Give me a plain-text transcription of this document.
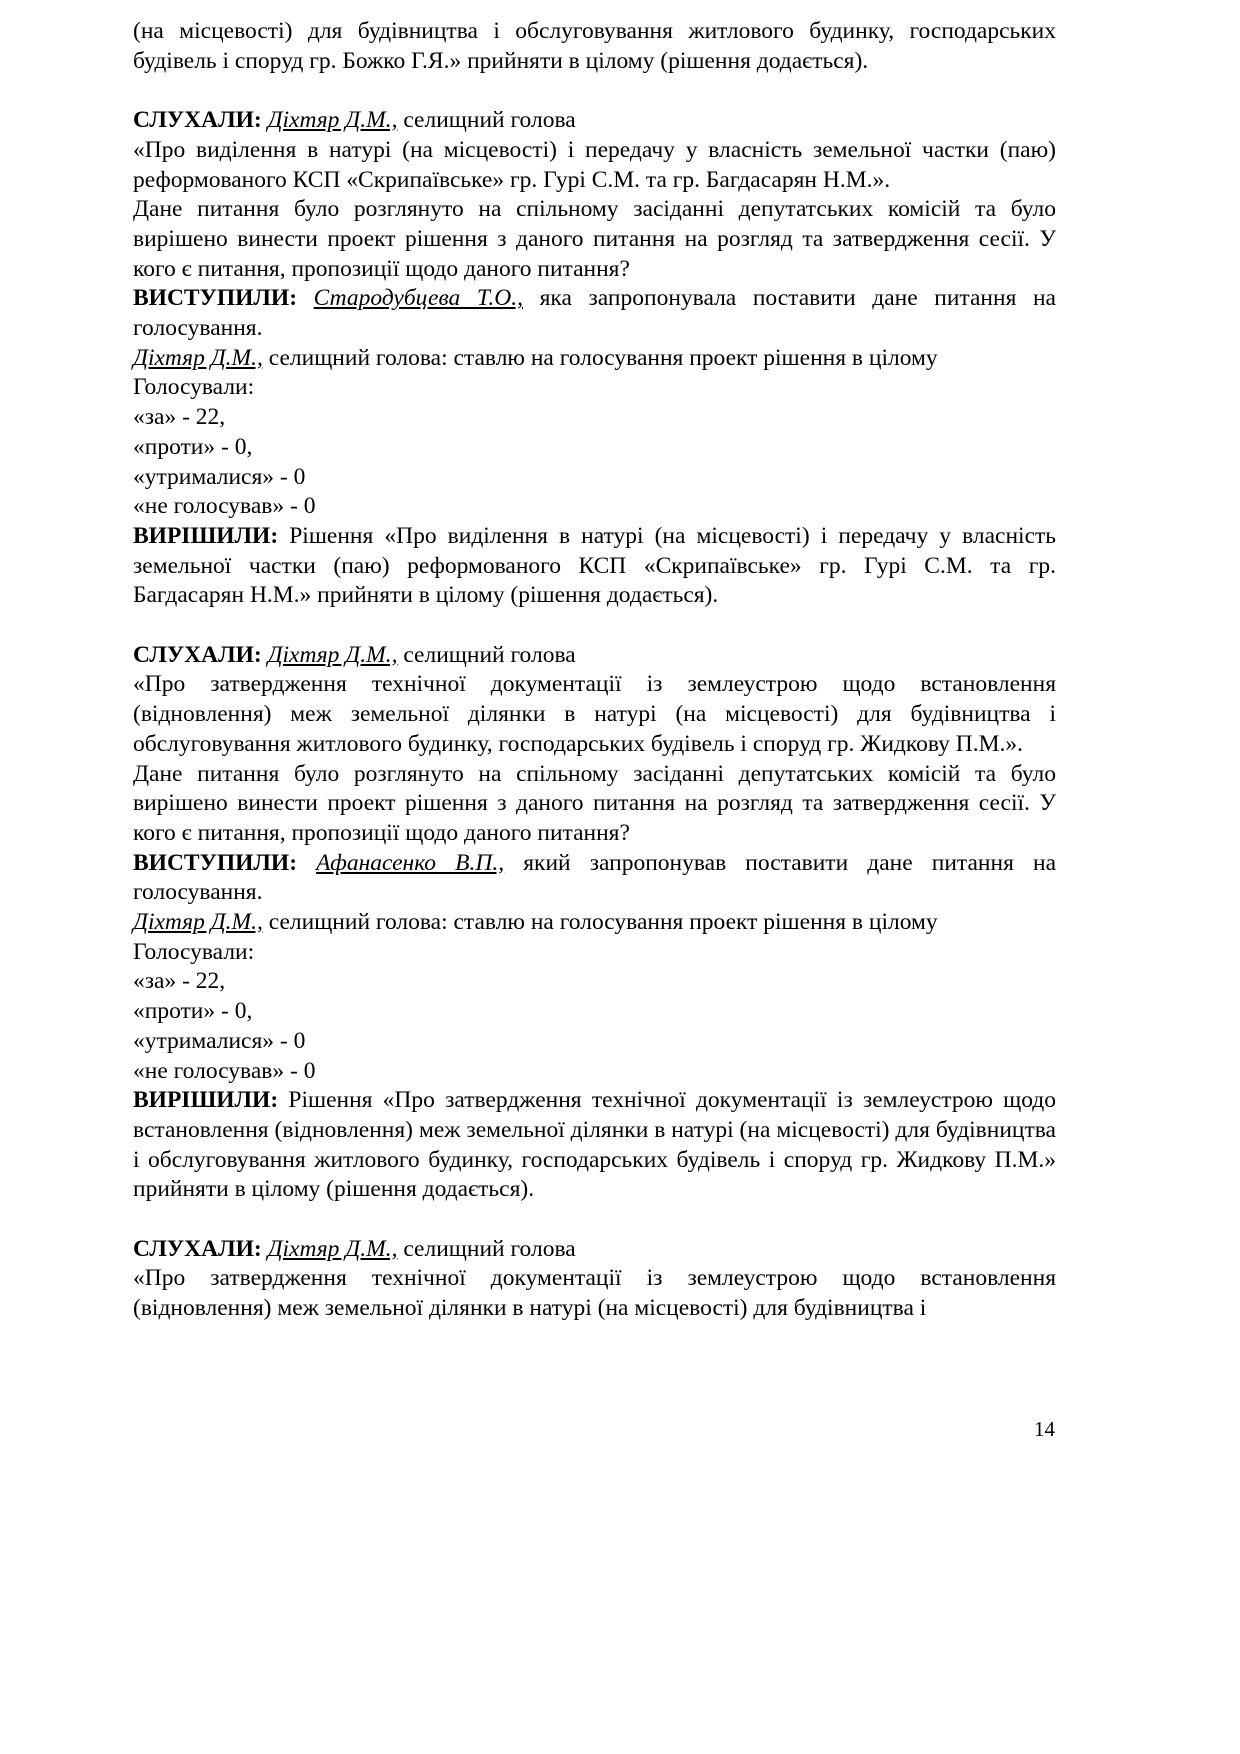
(на місцевості) для будівництва і обслуговування житлового будинку, господарських будівель і споруд гр. Божко Г.Я.» прийняти в цілому (рішення додається).

СЛУХАЛИ: Діхтяр Д.М., селищний голова

«Про виділення в натурі (на місцевості) і передачу у власність земельної частки (паю) реформованого КСП «Скрипаївське» гр. Гурі С.М. та гр. Багдасарян Н.М.».

Дане питання було розглянуто на спільному засіданні депутатських комісій та було вирішено винести проект рішення з даного питання на розгляд та затвердження сесії. У кого є питання, пропозиції щодо даного питання?

ВИСТУПИЛИ: Стародубцева Т.О., яка запропонувала поставити дане питання на голосування.

Діхтяр Д.М., селищний голова: ставлю на голосування проект рішення в цілому

Голосували:

«за» - 22,

«проти» - 0,

«утрималися» - 0

«не голосував» - 0

ВИРІШИЛИ: Рішення «Про виділення в натурі (на місцевості) і передачу у власність земельної частки (паю) реформованого КСП «Скрипаївське» гр. Гурі С.М. та гр. Багдасарян Н.М.» прийняти в цілому (рішення додається).

СЛУХАЛИ: Діхтяр Д.М., селищний голова

«Про затвердження технічної документації із землеустрою щодо встановлення (відновлення) меж земельної ділянки в натурі (на місцевості) для будівництва і обслуговування житлового будинку, господарських будівель і споруд гр. Жидкову П.М.».

Дане питання було розглянуто на спільному засіданні депутатських комісій та було вирішено винести проект рішення з даного питання на розгляд та затвердження сесії. У кого є питання, пропозиції щодо даного питання?

ВИСТУПИЛИ: Афанасенко В.П., який запропонував поставити дане питання на голосування.

Діхтяр Д.М., селищний голова: ставлю на голосування проект рішення в цілому

Голосували:

«за» - 22,

«проти» - 0,

«утрималися» - 0

«не голосував» - 0

ВИРІШИЛИ: Рішення «Про затвердження технічної документації із землеустрою щодо встановлення (відновлення) меж земельної ділянки в натурі (на місцевості) для будівництва і обслуговування житлового будинку, господарських будівель і споруд гр. Жидкову П.М.» прийняти в цілому (рішення додається).

СЛУХАЛИ: Діхтяр Д.М., селищний голова

«Про затвердження технічної документації із землеустрою щодо встановлення (відновлення) меж земельної ділянки в натурі (на місцевості) для будівництва і

14
